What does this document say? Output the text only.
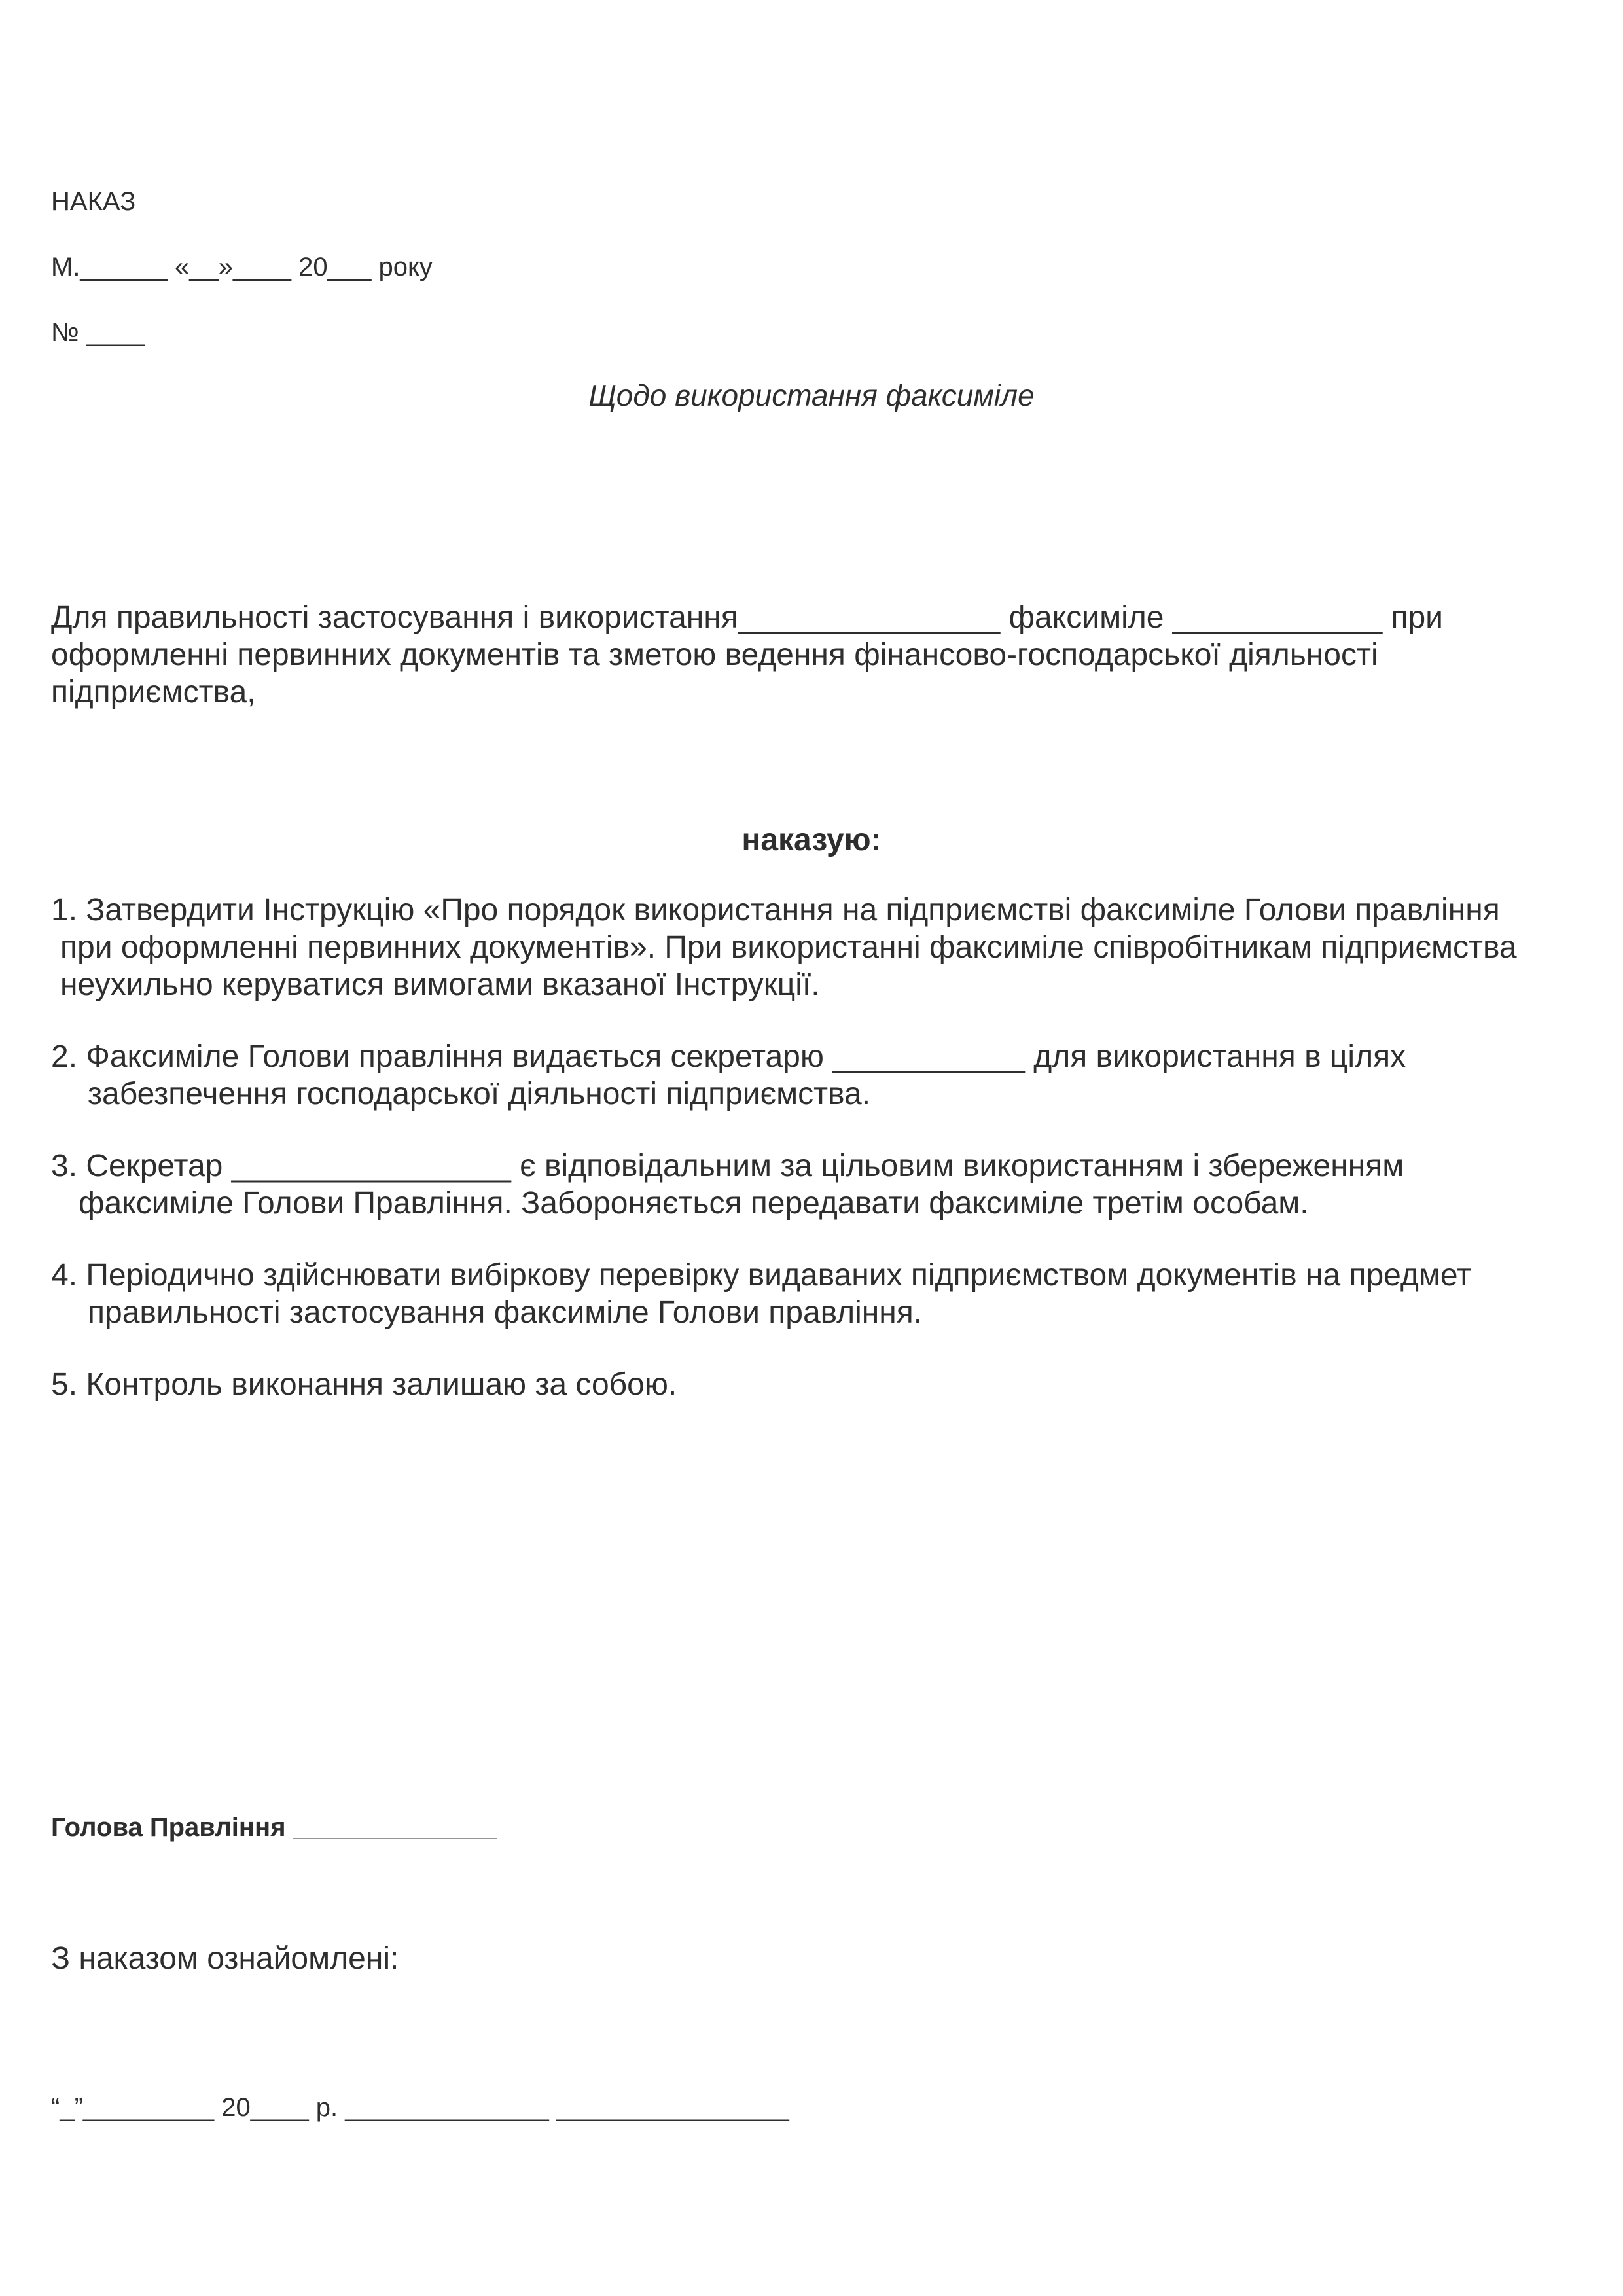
НАКАЗ
М.______ «__»____ 20___ року
№ ____
Щодо використання факсиміле
Для правильності застосування і використання_______________ факсиміле ____________ при
оформленні первинних документів та зметою ведення фінансово-господарської діяльності
підприємства,
наказую:
1. Затвердити Інструкцію «Про порядок використання на підприємстві факсиміле Голови правління
при оформленні первинних документів». При використанні факсиміле співробітникам підприємства
неухильно керуватися вимогами вказаної Інструкції.
2. Факсиміле Голови правління видається секретарю ___________ для використання в цілях
забезпечення господарської діяльності підприємства.
3. Секретар ________________ є відповідальним за цільовим використанням і збереженням
факсиміле Голови Правління. Забороняється передавати факсиміле третім особам.
4. Періодично здійснювати вибіркову перевірку видаваних підприємством документів на предмет
правильності застосування факсиміле Голови правління.
5. Контроль виконання залишаю за собою.
Голова Правління ______________
З наказом ознайомлені:
“_”_________ 20____ р. ______________ ________________
